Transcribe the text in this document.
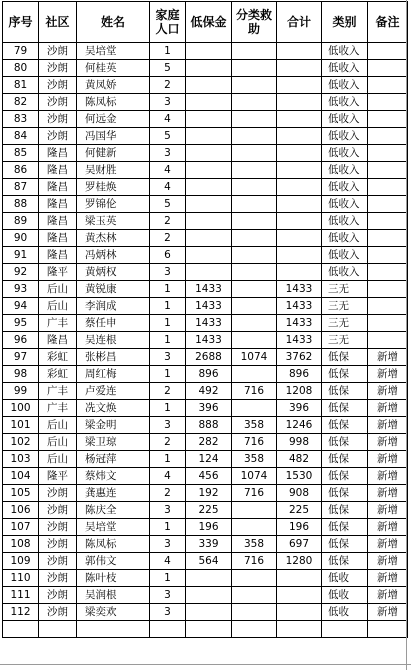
序号	社区	姓名	家庭人口	低保金	分类救助	合计	类别	备注
79	沙朗	吴培堂	1				低收入	
80	沙朗	何桂英	5				低收入	
81	沙朗	黄凤娇	2				低收入	
82	沙朗	陈凤标	3				低收入	
83	沙朗	何远金	4				低收入	
84	沙朗	冯国华	5				低收入	
85	隆昌	何健新	3				低收入	
86	隆昌	吴财胜	4				低收入	
87	隆昌	罗桂焕	4				低收入	
88	隆昌	罗锦伦	5				低收入	
89	隆昌	梁玉英	2				低收入	
90	隆昌	黄杰林	2				低收入	
91	隆昌	冯炳林	6				低收入	
92	隆平	黄炳权	3				低收入	
93	后山	黄锐康	1	1433		1433	三无	
94	后山	李润成	1	1433		1433	三无	
95	广丰	蔡任申	1	1433		1433	三无	
96	隆昌	吴连根	1	1433		1433	三无	
97	彩虹	张彬昌	3	2688	1074	3762	低保	新增
98	彩虹	周红梅	1	896		896	低保	新增
99	广丰	卢爱连	2	492	716	1208	低保	新增
100	广丰	冼文焕	1	396		396	低保	新增
101	后山	梁金明	3	888	358	1246	低保	新增
102	后山	梁卫琼	2	282	716	998	低保	新增
103	后山	杨冠萍	1	124	358	482	低保	新增
104	隆平	蔡炜文	4	456	1074	1530	低保	新增
105	沙朗	龚惠连	2	192	716	908	低保	新增
106	沙朗	陈庆全	3	225		225	低保	新增
107	沙朗	吴培堂	1	196		196	低保	新增
108	沙朗	陈凤标	3	339	358	697	低保	新增
109	沙朗	郭伟文	4	564	716	1280	低保	新增
110	沙朗	陈叶枝	1				低收	新增
111	沙朗	吴润根	3				低收	新增
112	沙朗	梁奕欢	3				低收	新增
